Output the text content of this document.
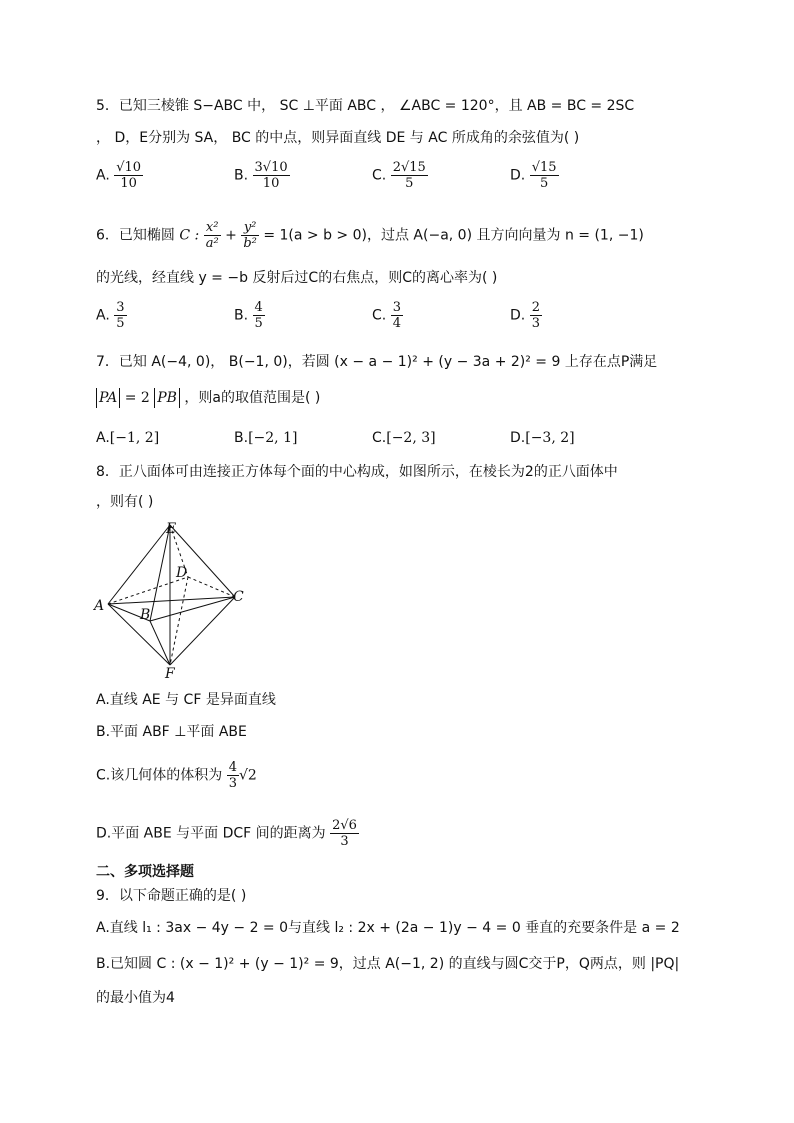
5．已知三棱锥 S−ABC 中， SC ⊥平面 ABC ， ∠ABC = 120°，且 AB = BC = 2SC
， D，E分别为 SA， BC 的中点，则异面直线 DE 与 AC 所成角的余弦值为( )
A. $\frac{√10}{10}$	B. $\frac{3√10}{10}$	C. $\frac{2√15}{5}$	D. $\frac{√15}{5}$
6．已知椭圆 C : $\frac{\text{x²}}{\text{a²}} + \frac{\text{y²}}{\text{b²}} = 1(a > b > 0)$，过点 A(−a, 0) 且方向向量为 n = (1, −1)
的光线，经直线 y = −b 反射后过C的右焦点，则C的离心率为( )
A. $\frac{3}{5}$	B. $\frac{4}{5}$	C. $\frac{3}{4}$	D. $\frac{2}{3}$
7．已知 A(−4, 0)， B(−1, 0)，若圆 (x − a − 1)² + (y − 3a + 2)² = 9 上存在点P满足
PA = 2 PB ，则a的取值范围是( )
A.[−1, 2]	B.[−2, 1]	C.[−2, 3]	D.[−3, 2]
8．正八面体可由连接正方体每个面的中心构成，如图所示，在棱长为2的正八面体中
，则有( )
E
D
A
B
C
F
A.直线 AE 与 CF 是异面直线
B.平面 ABF ⊥平面 ABE
C.该几何体的体积为 $\frac{4}{3} √2$
D.平面 ABE 与平面 DCF 间的距离为 $\frac{2√6}{3}$
二、多项选择题
9．以下命题正确的是( )
A.直线 l₁ : 3ax − 4y − 2 = 0与直线 l₂ : 2x + (2a − 1)y − 4 = 0 垂直的充要条件是 a = 2
B.已知圆 C : (x − 1)² + (y − 1)² = 9，过点 A(−1, 2) 的直线与圆C交于P，Q两点，则 |PQ|
的最小值为4
